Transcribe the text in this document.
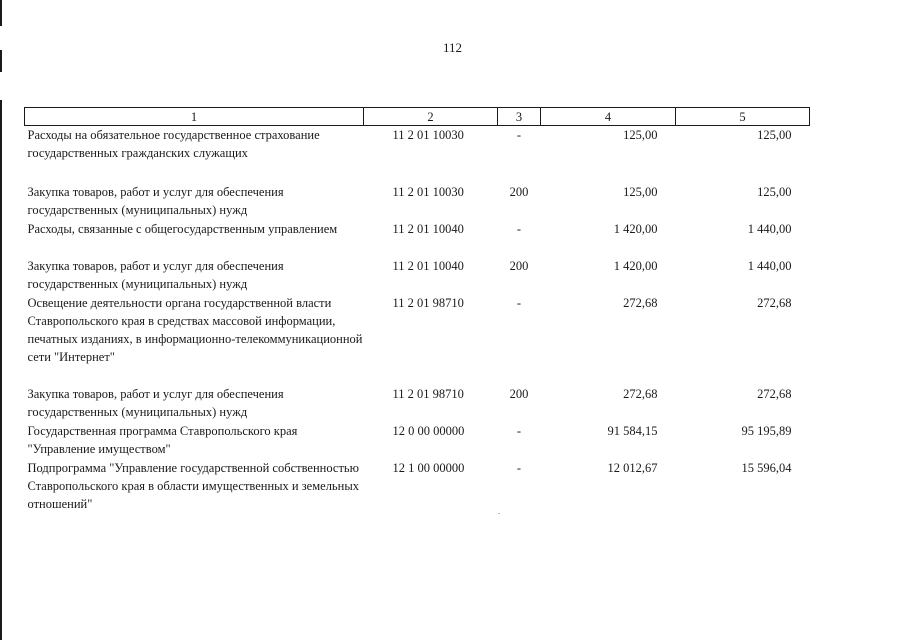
112
1	2	3	4	5
Расходы на обязательное государственное страхование государственных гражданских служащих	11 2 01 10030	-	125,00	125,00
Закупка товаров, работ и услуг для обеспечения государственных (муниципальных) нужд	11 2 01 10030	200	125,00	125,00
Расходы, связанные с общегосударственным управлением	11 2 01 10040	-	1 420,00	1 440,00
Закупка товаров, работ и услуг для обеспечения государственных (муниципальных) нужд	11 2 01 10040	200	1 420,00	1 440,00
Освещение деятельности органа государственной власти Ставропольского края в средствах массовой информации, печатных изданиях, в информационно-телекоммуникационной сети "Интернет"	11 2 01 98710	-	272,68	272,68
Закупка товаров, работ и услуг для обеспечения государственных (муниципальных) нужд	11 2 01 98710	200	272,68	272,68
Государственная программа Ставропольского края "Управление имуществом"	12 0 00 00000	-	91 584,15	95 195,89
Подпрограмма "Управление государственной собственностью Ставропольского края в области имущественных и земельных отношений"	12 1 00 00000	-	12 012,67	15 596,04
